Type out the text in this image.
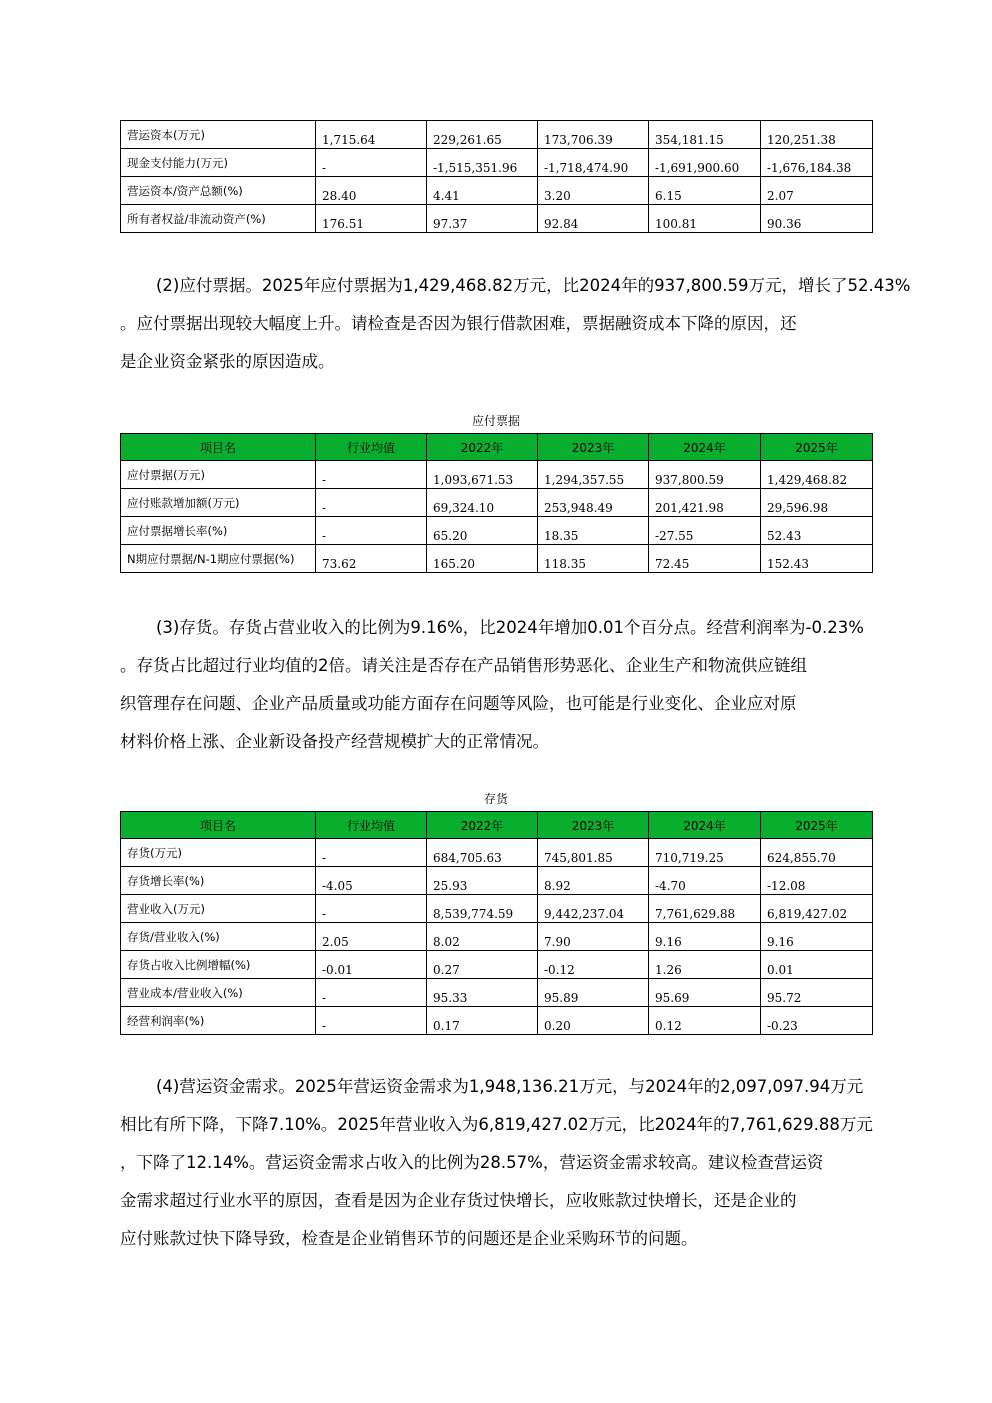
营运资本(万元)	1,715.64	229,261.65	173,706.39	354,181.15	120,251.38
现金支付能力(万元)	-	-1,515,351.96	-1,718,474.90	-1,691,900.60	-1,676,184.38
营运资本/资产总额(%)	28.40	4.41	3.20	6.15	2.07
所有者权益/非流动资产(%)	176.51	97.37	92.84	100.81	90.36
(2)应付票据。2025年应付票据为1,429,468.82万元，比2024年的937,800.59万元，增长了52.43%
。应付票据出现较大幅度上升。请检查是否因为银行借款困难，票据融资成本下降的原因，还
是企业资金紧张的原因造成。
应付票据
项目名	行业均值	2022年	2023年	2024年	2025年
应付票据(万元)	-	1,093,671.53	1,294,357.55	937,800.59	1,429,468.82
应付账款增加额(万元)	-	69,324.10	253,948.49	201,421.98	29,596.98
应付票据增长率(%)	-	65.20	18.35	-27.55	52.43
N期应付票据/N-1期应付票据(%)	73.62	165.20	118.35	72.45	152.43
(3)存货。存货占营业收入的比例为9.16%，比2024年增加0.01个百分点。经营利润率为-0.23%
。存货占比超过行业均值的2倍。请关注是否存在产品销售形势恶化、企业生产和物流供应链组
织管理存在问题、企业产品质量或功能方面存在问题等风险，也可能是行业变化、企业应对原
材料价格上涨、企业新设备投产经营规模扩大的正常情况。
存货
项目名	行业均值	2022年	2023年	2024年	2025年
存货(万元)	-	684,705.63	745,801.85	710,719.25	624,855.70
存货增长率(%)	-4.05	25.93	8.92	-4.70	-12.08
营业收入(万元)	-	8,539,774.59	9,442,237.04	7,761,629.88	6,819,427.02
存货/营业收入(%)	2.05	8.02	7.90	9.16	9.16
存货占收入比例增幅(%)	-0.01	0.27	-0.12	1.26	0.01
营业成本/营业收入(%)	-	95.33	95.89	95.69	95.72
经营利润率(%)	-	0.17	0.20	0.12	-0.23
(4)营运资金需求。2025年营运资金需求为1,948,136.21万元，与2024年的2,097,097.94万元
相比有所下降，下降7.10%。2025年营业收入为6,819,427.02万元，比2024年的7,761,629.88万元
，下降了12.14%。营运资金需求占收入的比例为28.57%，营运资金需求较高。建议检查营运资
金需求超过行业水平的原因，查看是因为企业存货过快增长，应收账款过快增长，还是企业的
应付账款过快下降导致，检查是企业销售环节的问题还是企业采购环节的问题。
